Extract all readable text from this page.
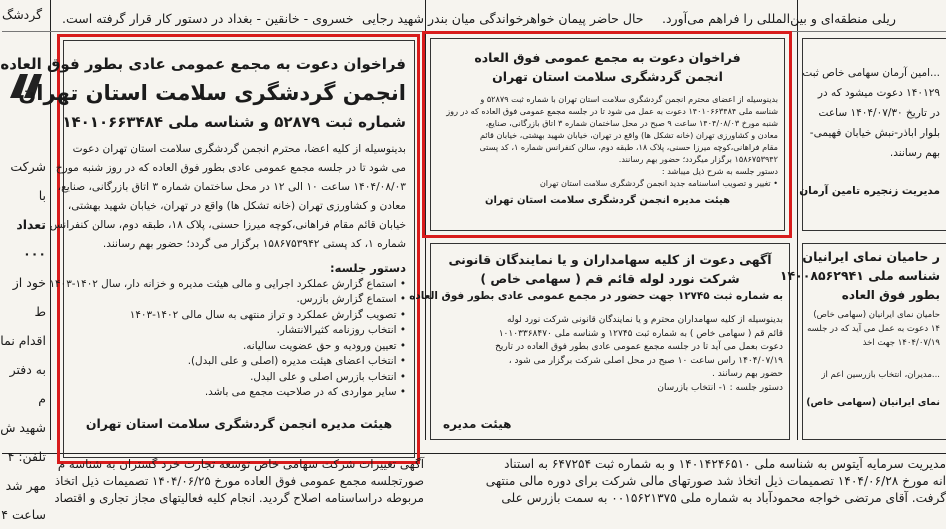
گردشگ خسروی - خانقین - بغداد در دستور کار قرار گرفته است. حال حاضر پیمان خواهرخواندگی میان بندر شهید رجایی ریلی منطقه‌ای و بین‌المللی را فراهم می‌آورد.
شرکت با
تعداد ۰۰۰
خود از ط
اقدام نما
به دفتر م
شهید ش
تلفن: ۴
مهر شد
ساعت ۴
فراخوان دعوت به مجمع عمومی عادی بطور فوق العاده
انجمن گردشگری سلامت استان تهران
شماره ثبت ۵۲۸۷۹ و شناسه ملی ۱۴۰۱۰۶۶۳۴۸۴
بدینوسیله از کلیه اعضا، محترم انجمن گردشگری سلامت استان تهران دعوت
می شود تا در جلسه مجمع عمومی عادی بطور فوق العاده که در روز شنبه مورخ
۱۴۰۴/۰۸/۰۳ ساعت ۱۰ الی ۱۲ در محل ساختمان شماره ۳ اتاق بازرگانی، صنایع،
معادن و کشاورزی تهران (خانه تشکل ها) واقع در تهران، خیابان شهید بهشتی،
خیابان قائم مقام فراهانی،کوچه میرزا حسنی، پلاک ۱۸، طبقه دوم، سالن کنفرانس
شماره ۱، کد پستی ۱۵۸۶۷۵۳۹۴۲ برگزار می گردد؛ حضور بهم رسانند.
دستور جلسه:
• استماع گزارش عملکرد اجرایی و مالی هیئت مدیره و خزانه دار، سال ۱۴۰۲-۱۴۰۳
• استماع گزارش بازرس.
• تصویب گزارش عملکرد و تراز منتهی به سال مالی ۱۴۰۲-۱۴۰۳
• انتخاب روزنامه کثیرالانتشار.
• تعیین ورودیه و حق عضویت سالیانه.
• انتخاب اعضای هیئت مدیره (اصلی و علی البدل).
• انتخاب بازرس اصلی و علی البدل.
• سایر مواردی که در صلاحیت مجمع می باشد.
هیئت مدیره انجمن گردشگری سلامت استان تهران
فراخوان دعوت به مجمع عمومی فوق العاده
انجمن گردشگری سلامت استان تهران
بدینوسیله از اعضای محترم انجمن گردشگری سلامت استان تهران با شماره ثبت ۵۲۸۷۹ و
شناسه ملی ۱۴۰۱۰۶۶۳۴۸۴ دعوت به عمل می شود تا در جلسه مجمع عمومی فوق العاده که در روز
شنبه مورخ ۱۴۰۴/۰۸/۰۳ ساعت ۹ صبح در محل ساختمان شماره ۳ اتاق بازرگانی، صنایع،
معادن و کشاورزی تهران (خانه تشکل ها) واقع در تهران، خیابان شهید بهشتی، خیابان قائم
مقام فراهانی،کوچه میرزا حسنی، پلاک ۱۸، طبقه دوم، سالن کنفرانس شماره ۱، کد پستی
۱۵۸۶۷۵۳۹۴۲ برگزار میگردد؛ حضور بهم رسانند.
دستور جلسه به شرح ذیل میباشد :
• تغییر و تصویب اساسنامه جدید انجمن گردشگری سلامت استان تهران
هیئت مدیره انجمن گردشگری سلامت استان تهران
آگهی دعوت از کلیه سهامداران و یا نمایندگان قانونی
شرکت نورد لوله قائم قم ( سهامی خاص )
به شماره ثبت ۱۲۷۴۵ جهت حضور در مجمع عمومی عادی بطور فوق العاده
بدینوسیله از کلیه سهامداران محترم و یا نمایندگان قانونی شرکت نورد لوله
قائم قم ( سهامی خاص ) به شماره ثبت ۱۲۷۴۵ و شناسه ملی ۱۰۱۰۳۳۶۸۴۷۰
دعوت بعمل می آید تا در جلسه مجمع عمومی عادی بطور فوق العاده در تاریخ
۱۴۰۴/۰۷/۱۹ راس ساعت ۱۰ صبح در محل اصلی شرکت برگزار می شود ،
حضور بهم رسانند .
دستور جلسه : ۱- انتخاب بازرسان
هیئت مدیره
...امین آرمان سهامی خاص ثبت
۱۴۰۱۲۹ دعوت میشود که در
در تاریخ ۱۴۰۴/۰۷/۳۰ ساعت
بلوار اباذر-نبش خیابان فهیمی-
بهم رسانند.
مدیریت زنجیره تامین آرمان
ر حامیان نمای ایرانیان
شناسه ملی ۱۴۰۰۸۵۶۲۹۴۱
بطور فوق العاده
حامیان نمای ایرانیان (سهامی خاص)
۱۴ دعوت به عمل می آید که در جلسه
۱۴۰۴/۰۷/۱۹ جهت اخذ
...مدیران، انتخاب بازرسین اعم از
نمای ایرانیان (سهامی خاص)
آگهی تغییرات شرکت سهامی خاص توسعه تجارت خرد گستران به شناسه م
صورتجلسه مجمع عمومی فوق العاده مورخ ۱۴۰۴/۰۶/۲۵ تصمیمات ذیل اتخاذ
مربوطه دراساسنامه اصلاح گردید. انجام کلیه فعالیتهای مجاز تجاری و اقتصاد
مدیریت سرمایه آیتوس به شناسه ملی ۱۴۰۱۴۲۴۶۵۱۰ و به شماره ثبت ۶۴۷۲۵۴ به استناد
انه مورخ ۱۴۰۴/۰۶/۲۸ تصمیمات ذیل اتخاذ شد صورتهای مالی شرکت برای دوره مالی منتهی
گرفت. آقای مرتضی خواجه محمودآباد به شماره ملی ۰۰۱۵۶۲۱۳۷۵ به سمت بازرس علی
